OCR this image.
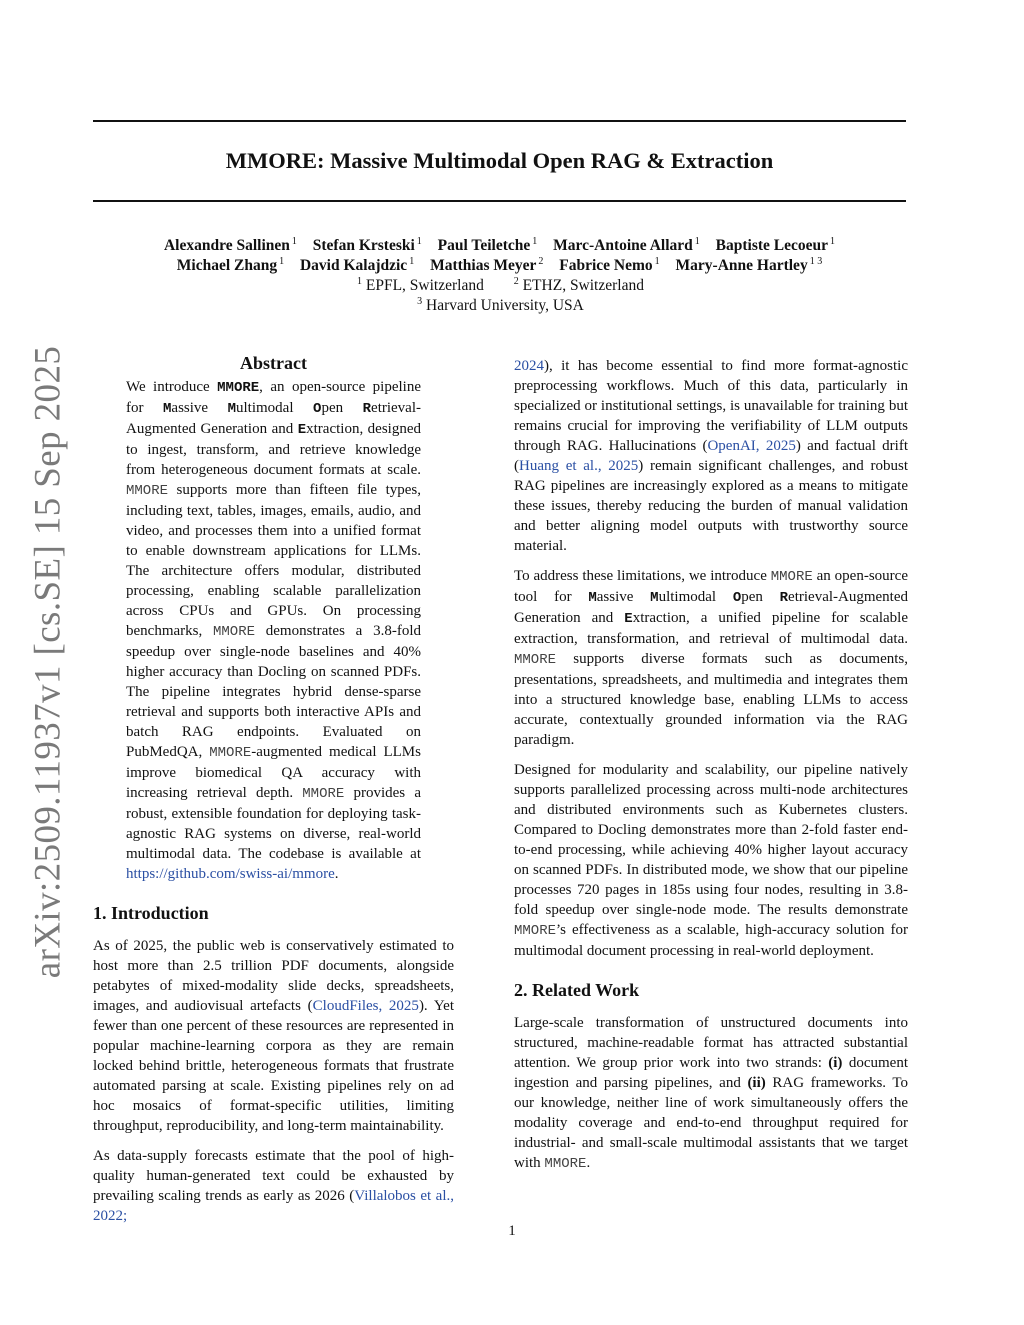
MMORE: Massive Multimodal Open RAG & Extraction
Alexandre Sallinen $^1$ Stefan Krsteski $^1$ Paul Teiletche $^1$ Marc-Antoine Allard $^1$ Baptiste Lecoeur $^1$
Michael Zhang $^1$ David Kalajdzic $^1$ Matthias Meyer $^2$ Fabrice Nemo $^1$ Mary-Anne Hartley $^{1 3}$
$^1$ EPFL, Switzerland	$^2$ ETHZ, Switzerland
$^3$ Harvard University, USA
arXiv:2509.11937v1 [cs.SE] 15 Sep 2025	Abstract

We introduce MMORE, an open-source pipeline for Massive Multimodal Open Retrieval-Augmented Generation and Extraction, designed to ingest, transform, and retrieve knowledge from heterogeneous document formats at scale. MMORE supports more than fifteen file types, including text, tables, images, emails, audio, and video, and processes them into a unified format to enable downstream applications for LLMs. The architecture offers modular, distributed processing, enabling scalable parallelization across CPUs and GPUs. On processing benchmarks, MMORE demonstrates a 3.8-fold speedup over single-node baselines and 40% higher accuracy than Docling on scanned PDFs. The pipeline integrates hybrid dense-sparse retrieval and supports both interactive APIs and batch RAG endpoints. Evaluated on PubMedQA, MMORE-augmented medical LLMs improve biomedical QA accuracy with increasing retrieval depth. MMORE provides a robust, extensible foundation for deploying task-agnostic RAG systems on diverse, real-world multimodal data. The codebase is available at https://github.com/swiss-ai/mmore.

1. Introduction

As of 2025, the public web is conservatively estimated to host more than 2.5 trillion PDF documents, alongside petabytes of mixed-modality slide decks, spreadsheets, images, and audiovisual artefacts (CloudFiles, 2025). Yet fewer than one percent of these resources are represented in popular machine-learning corpora as they are remain locked behind brittle, heterogeneous formats that frustrate automated parsing at scale. Existing pipelines rely on ad hoc mosaics of format-specific utilities, limiting throughput, reproducibility, and long-term maintainability.

As data-supply forecasts estimate that the pool of high-quality human-generated text could be exhausted by prevailing scaling trends as early as 2026 (Villalobos et al., 2022;

2024), it has become essential to find more format-agnostic preprocessing workflows. Much of this data, particularly in specialized or institutional settings, is unavailable for training but remains crucial for improving the verifiability of LLM outputs through RAG. Hallucinations (OpenAI, 2025) and factual drift (Huang et al., 2025) remain significant challenges, and robust RAG pipelines are increasingly explored as a means to mitigate these issues, thereby reducing the burden of manual validation and better aligning model outputs with trustworthy source material.

To address these limitations, we introduce MMORE an open-source tool for Massive Multimodal Open Retrieval-Augmented Generation and Extraction, a unified pipeline for scalable extraction, transformation, and retrieval of multimodal data. MMORE supports diverse formats such as documents, presentations, spreadsheets, and multimedia and integrates them into a structured knowledge base, enabling LLMs to access accurate, contextually grounded information via the RAG paradigm.

Designed for modularity and scalability, our pipeline natively supports parallelized processing across multi-node architectures and distributed environments such as Kubernetes clusters. Compared to Docling demonstrates more than 2-fold faster end-to-end processing, while achieving 40% higher layout accuracy on scanned PDFs. In distributed mode, we show that our pipeline processes 720 pages in 185s using four nodes, resulting in 3.8-fold speedup over single-node mode. The results demonstrate MMORE’s effectiveness as a scalable, high-accuracy solution for multimodal document processing in real-world deployment.

2. Related Work

Large-scale transformation of unstructured documents into structured, machine-readable format has attracted substantial attention. We group prior work into two strands: (i) document ingestion and parsing pipelines, and (ii) RAG frameworks. To our knowledge, neither line of work simultaneously offers the modality coverage and end-to-end throughput required for industrial- and small-scale multimodal assistants that we target with MMORE.

1
